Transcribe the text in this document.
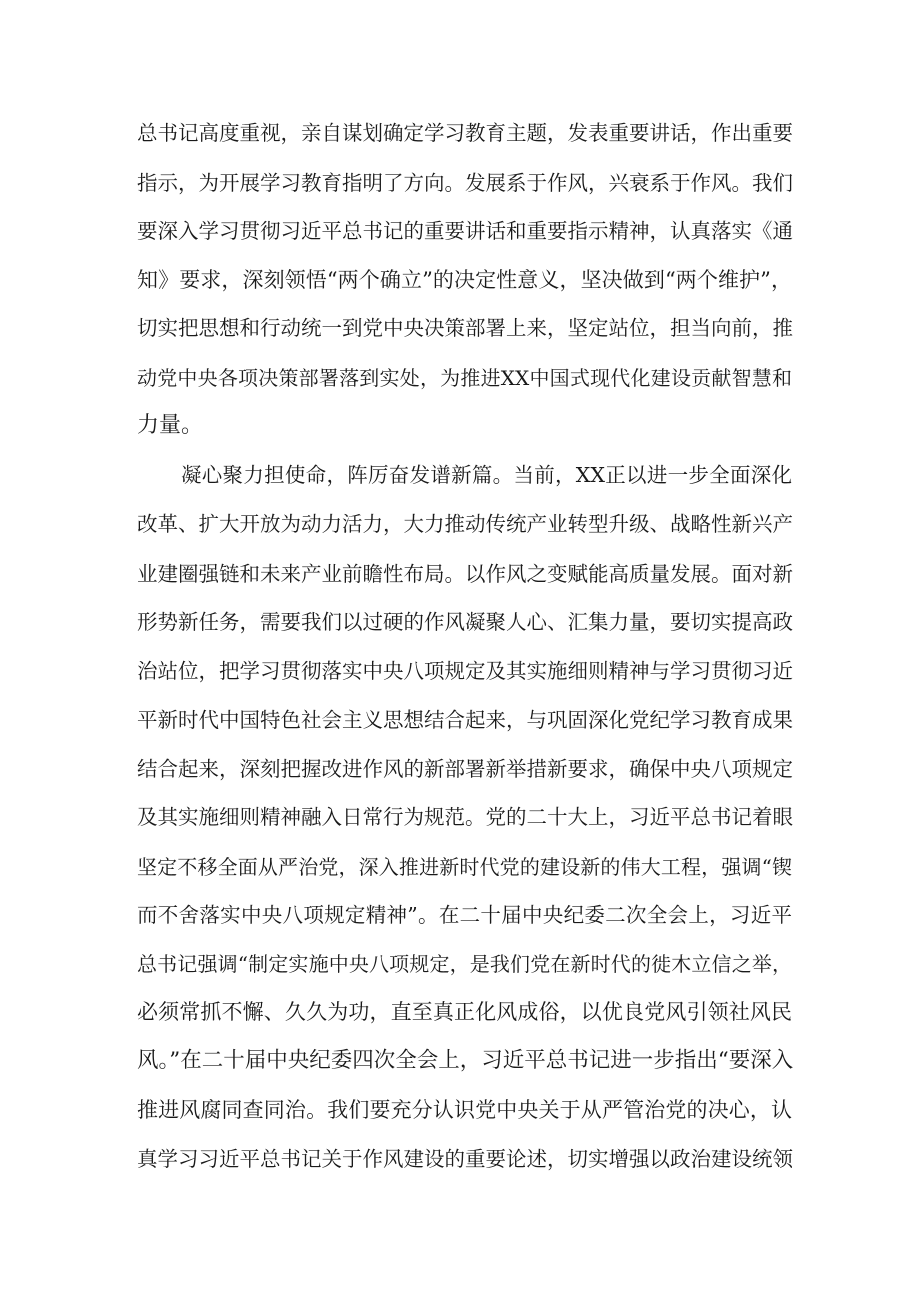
总书记高度重视，亲自谋划确定学习教育主题，发表重要讲话，作出重要

指示，为开展学习教育指明了方向。发展系于作风，兴衰系于作风。我们

要深入学习贯彻习近平总书记的重要讲话和重要指示精神，认真落实《通

知》要求，深刻领悟“两个确立”的决定性意义，坚决做到“两个维护”，

切实把思想和行动统一到党中央决策部署上来，坚定站位，担当向前，推

动党中央各项决策部署落到实处，为推进XX中国式现代化建设贡献智慧和

力量。

凝心聚力担使命，阵厉奋发谱新篇。当前，XX正以进一步全面深化

改革、扩大开放为动力活力，大力推动传统产业转型升级、战略性新兴产

业建圈强链和未来产业前瞻性布局。以作风之变赋能高质量发展。面对新

形势新任务，需要我们以过硬的作风凝聚人心、汇集力量，要切实提高政

治站位，把学习贯彻落实中央八项规定及其实施细则精神与学习贯彻习近

平新时代中国特色社会主义思想结合起来，与巩固深化党纪学习教育成果

结合起来，深刻把握改进作风的新部署新举措新要求，确保中央八项规定

及其实施细则精神融入日常行为规范。党的二十大上，习近平总书记着眼

坚定不移全面从严治党，深入推进新时代党的建设新的伟大工程，强调“锲

而不舍落实中央八项规定精神”。在二十届中央纪委二次全会上，习近平

总书记强调“制定实施中央八项规定，是我们党在新时代的徙木立信之举，

必须常抓不懈、久久为功，直至真正化风成俗，以优良党风引领社风民

风。”在二十届中央纪委四次全会上，习近平总书记进一步指出“要深入

推进风腐同查同治。我们要充分认识党中央关于从严管治党的决心，认

真学习习近平总书记关于作风建设的重要论述，切实增强以政治建设统领
